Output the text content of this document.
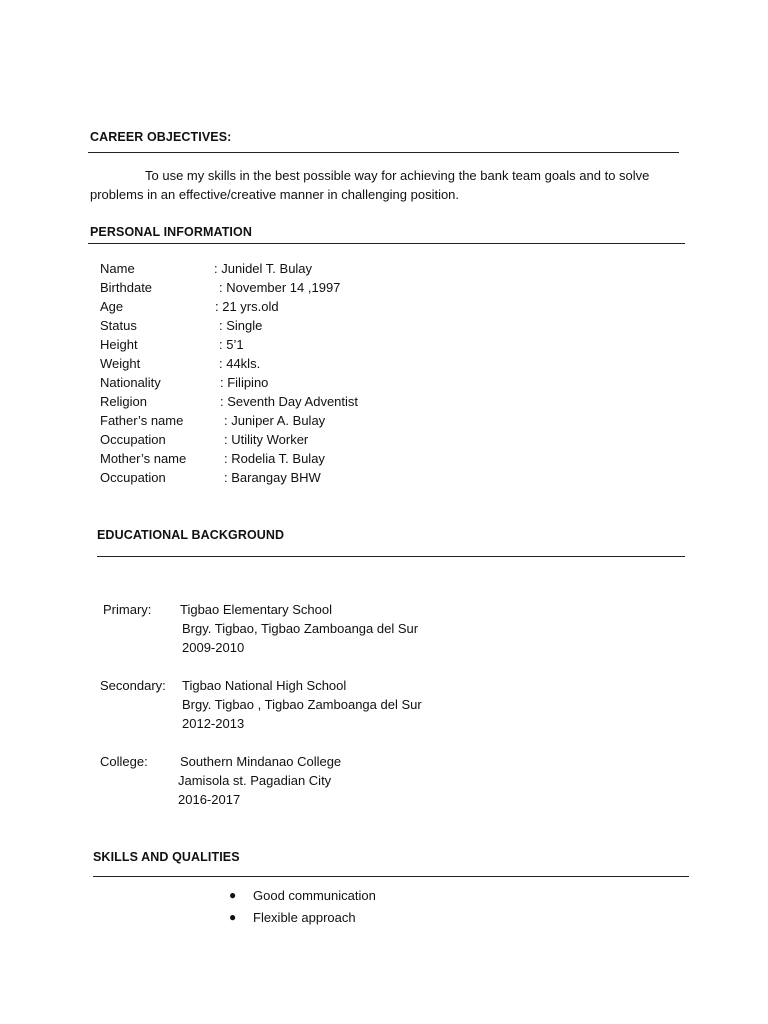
CAREER OBJECTIVES:
To use my skills in the best possible way for achieving the bank team goals and to solve
problems in an effective/creative manner in challenging position.
PERSONAL INFORMATION
Name	: Junidel T. Bulay
Birthdate	: November 14 ,1997
Age	: 21 yrs.old
Status	: Single
Height	: 5’1
Weight	: 44kls.
Nationality	: Filipino
Religion	: Seventh Day Adventist
Father’s name	: Juniper A. Bulay
Occupation	: Utility Worker
Mother’s name	: Rodelia T. Bulay
Occupation	: Barangay BHW
EDUCATIONAL BACKGROUND
Primary: Tigbao Elementary School
Brgy. Tigbao, Tigbao Zamboanga del Sur
2009-2010
Secondary: Tigbao National High School
Brgy. Tigbao , Tigbao Zamboanga del Sur
2012-2013
College: Southern Mindanao College
Jamisola st. Pagadian City
2016-2017
SKILLS AND QUALITIES
● Good communication
● Flexible approach
